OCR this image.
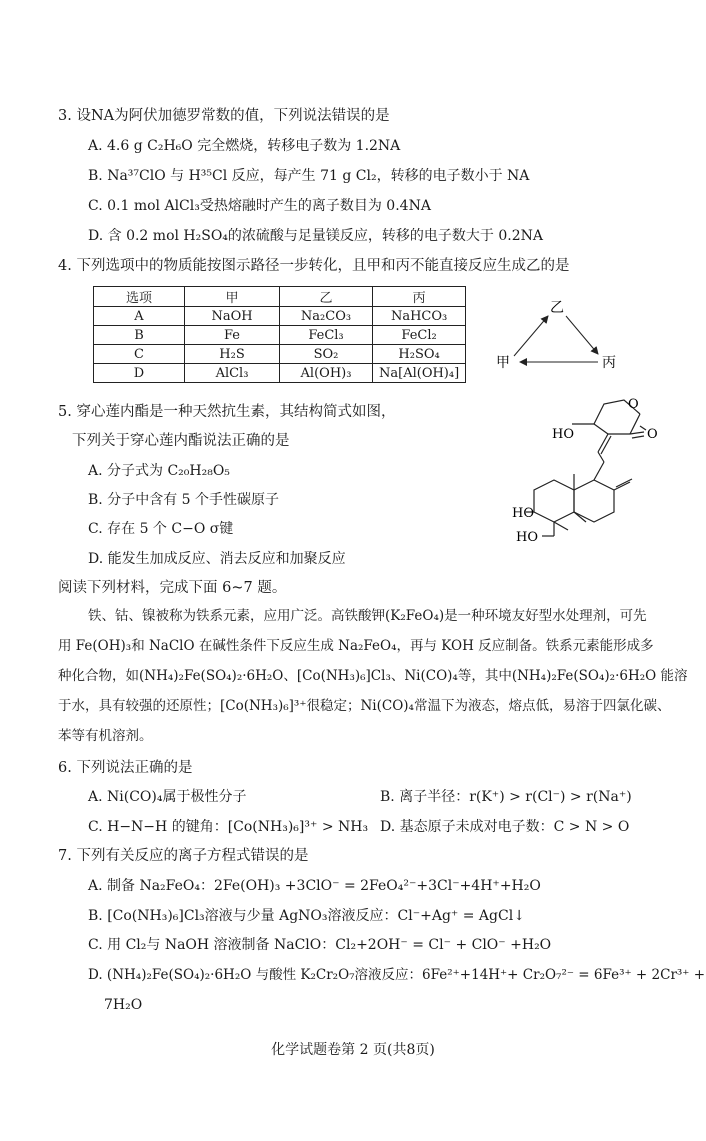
3. 设NA为阿伏加德罗常数的值，下列说法错误的是
A. 4.6 g C₂H₆O 完全燃烧，转移电子数为 1.2NA
B. Na³⁷ClO 与 H³⁵Cl 反应，每产生 71 g Cl₂，转移的电子数小于 NA
C. 0.1 mol AlCl₃受热熔融时产生的离子数目为 0.4NA
D. 含 0.2 mol H₂SO₄的浓硫酸与足量镁反应，转移的电子数大于 0.2NA
4. 下列选项中的物质能按图示路径一步转化，且甲和丙不能直接反应生成乙的是
选项	甲	乙	丙
A	NaOH	Na₂CO₃	NaHCO₃
B	Fe	FeCl₃	FeCl₂
C	H₂S	SO₂	H₂SO₄
D	AlCl₃	Al(OH)₃	Na[Al(OH)₄]
乙
甲	丙
5. 穿心莲内酯是一种天然抗生素，其结构简式如图，
下列关于穿心莲内酯说法正确的是
A. 分子式为 C₂₀H₂₈O₅
B. 分子中含有 5 个手性碳原子
C. 存在 5 个 C−O σ键
D. 能发生加成反应、消去反应和加聚反应
HO
O
O
HO
HO
阅读下列材料，完成下面 6~7 题。
铁、钴、镍被称为铁系元素，应用广泛。高铁酸钾(K₂FeO₄)是一种环境友好型水处理剂，可先
用 Fe(OH)₃和 NaClO 在碱性条件下反应生成 Na₂FeO₄，再与 KOH 反应制备。铁系元素能形成多
种化合物，如(NH₄)₂Fe(SO₄)₂·6H₂O、[Co(NH₃)₆]Cl₃、Ni(CO)₄等，其中(NH₄)₂Fe(SO₄)₂·6H₂O 能溶
于水，具有较强的还原性；[Co(NH₃)₆]³⁺很稳定；Ni(CO)₄常温下为液态，熔点低，易溶于四氯化碳、
苯等有机溶剂。
6. 下列说法正确的是
A. Ni(CO)₄属于极性分子	B. 离子半径：r(K⁺) > r(Cl⁻) > r(Na⁺)
C. H−N−H 的键角：[Co(NH₃)₆]³⁺ > NH₃ D. 基态原子未成对电子数：C > N > O
7. 下列有关反应的离子方程式错误的是
A. 制备 Na₂FeO₄：2Fe(OH)₃ +3ClO⁻ = 2FeO₄²⁻+3Cl⁻+4H⁺+H₂O
B. [Co(NH₃)₆]Cl₃溶液与少量 AgNO₃溶液反应：Cl⁻+Ag⁺ = AgCl↓
C. 用 Cl₂与 NaOH 溶液制备 NaClO：Cl₂+2OH⁻ = Cl⁻ + ClO⁻ +H₂O
D. (NH₄)₂Fe(SO₄)₂·6H₂O 与酸性 K₂Cr₂O₇溶液反应：6Fe²⁺+14H⁺+ Cr₂O₇²⁻ = 6Fe³⁺ + 2Cr³⁺ +
7H₂O
化学试题卷第 2 页(共8页)
